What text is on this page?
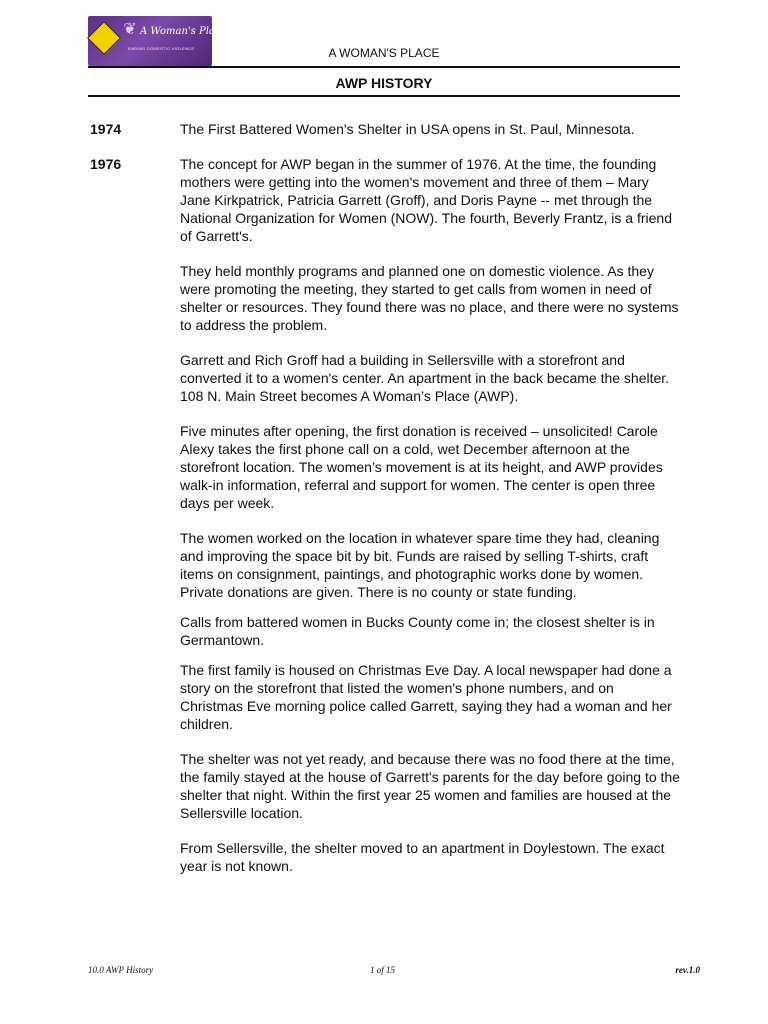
❦ A Woman's Place
ENDING DOMESTIC VIOLENCE	A WOMAN'S PLACE
AWP HISTORY
1974	The First Battered Women's Shelter in USA opens in St. Paul, Minnesota.

1976	The concept for AWP began in the summer of 1976. At the time, the founding mothers were getting into the women's movement and three of them – Mary Jane Kirkpatrick, Patricia Garrett (Groff), and Doris Payne -- met through the National Organization for Women (NOW). The fourth, Beverly Frantz, is a friend of Garrett's.

They held monthly programs and planned one on domestic violence. As they were promoting the meeting, they started to get calls from women in need of shelter or resources. They found there was no place, and there were no systems to address the problem.

Garrett and Rich Groff had a building in Sellersville with a storefront and converted it to a women's center. An apartment in the back became the shelter. 108 N. Main Street becomes A Woman’s Place (AWP).

Five minutes after opening, the first donation is received – unsolicited! Carole Alexy takes the first phone call on a cold, wet December afternoon at the storefront location. The women’s movement is at its height, and AWP provides walk-in information, referral and support for women. The center is open three days per week.

The women worked on the location in whatever spare time they had, cleaning and improving the space bit by bit. Funds are raised by selling T-shirts, craft items on consignment, paintings, and photographic works done by women. Private donations are given. There is no county or state funding.

Calls from battered women in Bucks County come in; the closest shelter is in Germantown.

The first family is housed on Christmas Eve Day. A local newspaper had done a story on the storefront that listed the women's phone numbers, and on Christmas Eve morning police called Garrett, saying they had a woman and her children.

The shelter was not yet ready, and because there was no food there at the time, the family stayed at the house of Garrett's parents for the day before going to the shelter that night. Within the first year 25 women and families are housed at the Sellersville location.

From Sellersville, the shelter moved to an apartment in Doylestown. The exact year is not known.

10.0 AWP History	1 of 15	rev.1.0
